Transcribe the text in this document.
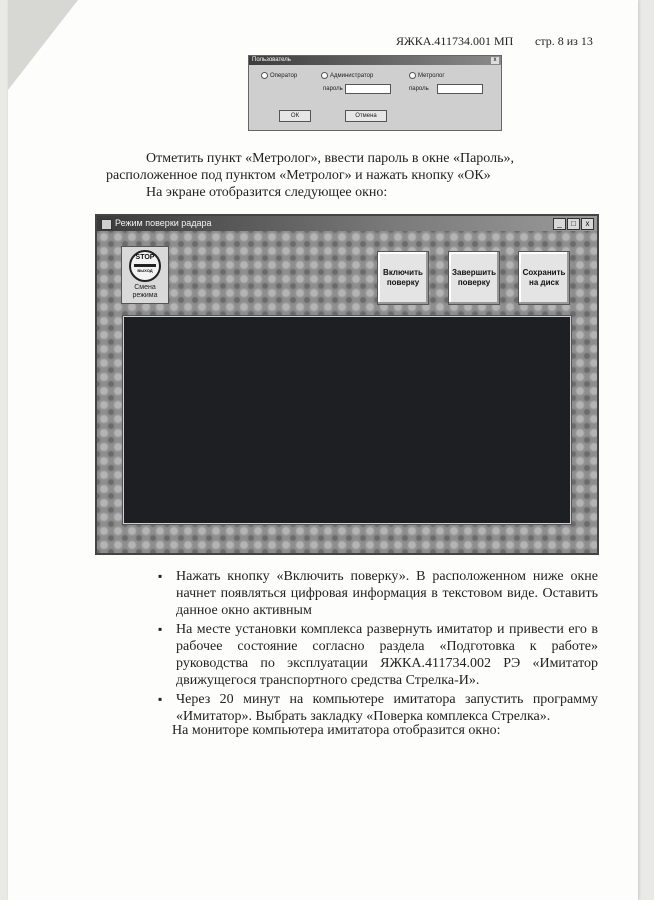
ЯЖКА.411734.001 МП стр. 8 из 13
Пользователь	x
Оператор	Администратор	Метролог
пароль	пароль
ОК	Отмена
Отметить пункт «Метролог», ввести пароль в окне «Пароль»,
расположенное под пунктом «Метролог» и нажать кнопку «ОК»
На экране отобразится следующее окно:
Режим поверки радара	_	□	x
STOP
ВЫХОД
Смена режима
Включить поверку
Завершить поверку
Сохранить на диск
▪ Нажать кнопку «Включить поверку». В расположенном ниже окне начнет появляться цифровая информация в текстовом виде. Оставить данное окно активным
▪ На месте установки комплекса развернуть имитатор и привести его в рабочее состояние согласно раздела «Подготовка к работе» руководства по эксплуатации ЯЖКА.411734.002 РЭ «Имитатор движущегося транспортного средства Стрелка-И».
▪ Через 20 минут на компьютере имитатора запустить программу «Имитатор». Выбрать закладку «Поверка комплекса Стрелка».
На мониторе компьютера имитатора отобразится окно:
